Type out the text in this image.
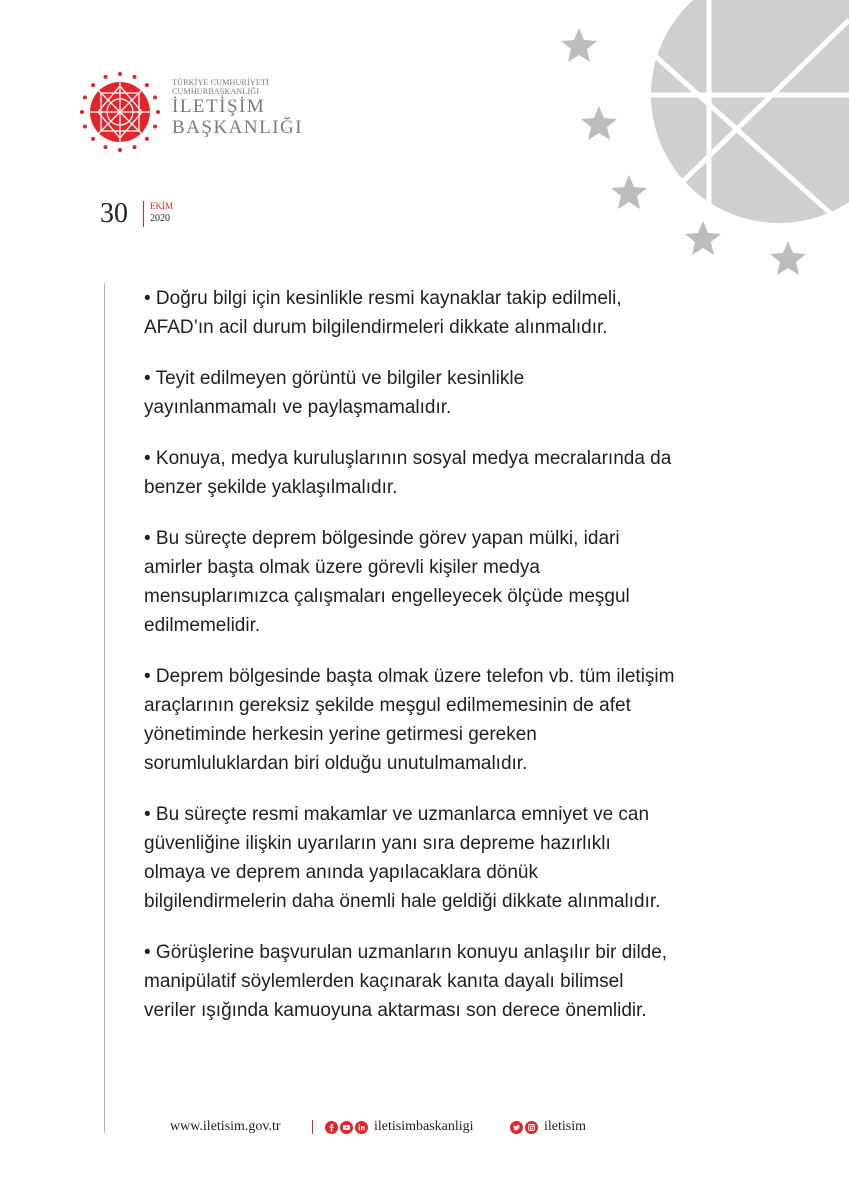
TÜRKİYE CUMHURİYETİ
CUMHURBAŞKANLIĞI
İLETİŞİM
BAŞKANLIĞI
30 EKİM
2020

• Doğru bilgi için kesinlikle resmi kaynaklar takip edilmeli,
AFAD’ın acil durum bilgilendirmeleri dikkate alınmalıdır.

• Teyit edilmeyen görüntü ve bilgiler kesinlikle
yayınlanmamalı ve paylaşmamalıdır.

• Konuya, medya kuruluşlarının sosyal medya mecralarında da
benzer şekilde yaklaşılmalıdır.

• Bu süreçte deprem bölgesinde görev yapan mülki, idari
amirler başta olmak üzere görevli kişiler medya
mensuplarımızca çalışmaları engelleyecek ölçüde meşgul
edilmemelidir.

• Deprem bölgesinde başta olmak üzere telefon vb. tüm iletişim
araçlarının gereksiz şekilde meşgul edilmemesinin de afet
yönetiminde herkesin yerine getirmesi gereken
sorumluluklardan biri olduğu unutulmamalıdır.

• Bu süreçte resmi makamlar ve uzmanlarca emniyet ve can
güvenliğine ilişkin uyarıların yanı sıra depreme hazırlıklı
olmaya ve deprem anında yapılacaklara dönük
bilgilendirmelerin daha önemli hale geldiği dikkate alınmalıdır.

• Görüşlerine başvurulan uzmanların konuyu anlaşılır bir dilde,
manipülatif söylemlerden kaçınarak kanıta dayalı bilimsel
veriler ışığında kamuoyuna aktarması son derece önemlidir.

www.iletisim.gov.tr	iletisimbaskanligi	iletisim
